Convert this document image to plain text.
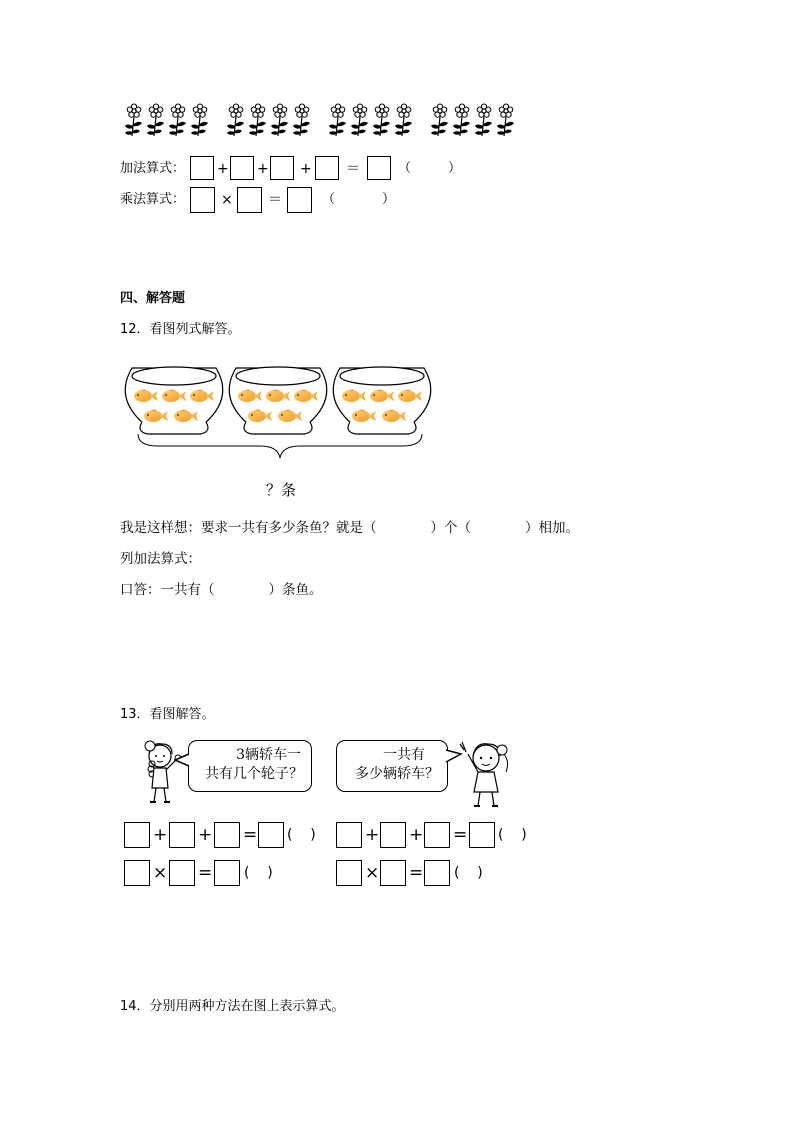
加法算式： + + + ＝	（	）
乘法算式：	×	＝	（	）
四、解答题
12．看图列式解答。
？条
我是这样想：要求一共有多少条鱼？就是（　　　　）个（　　　　）相加。
列加法算式：
口答：一共有（　　　　）条鱼。
13．看图解答。
3辆轿车一
共有几个轮子？
一共有
多少辆轿车？
+ + = (    )
× = (    )
+ + = (    )
× = (    )
14．分别用两种方法在图上表示算式。
